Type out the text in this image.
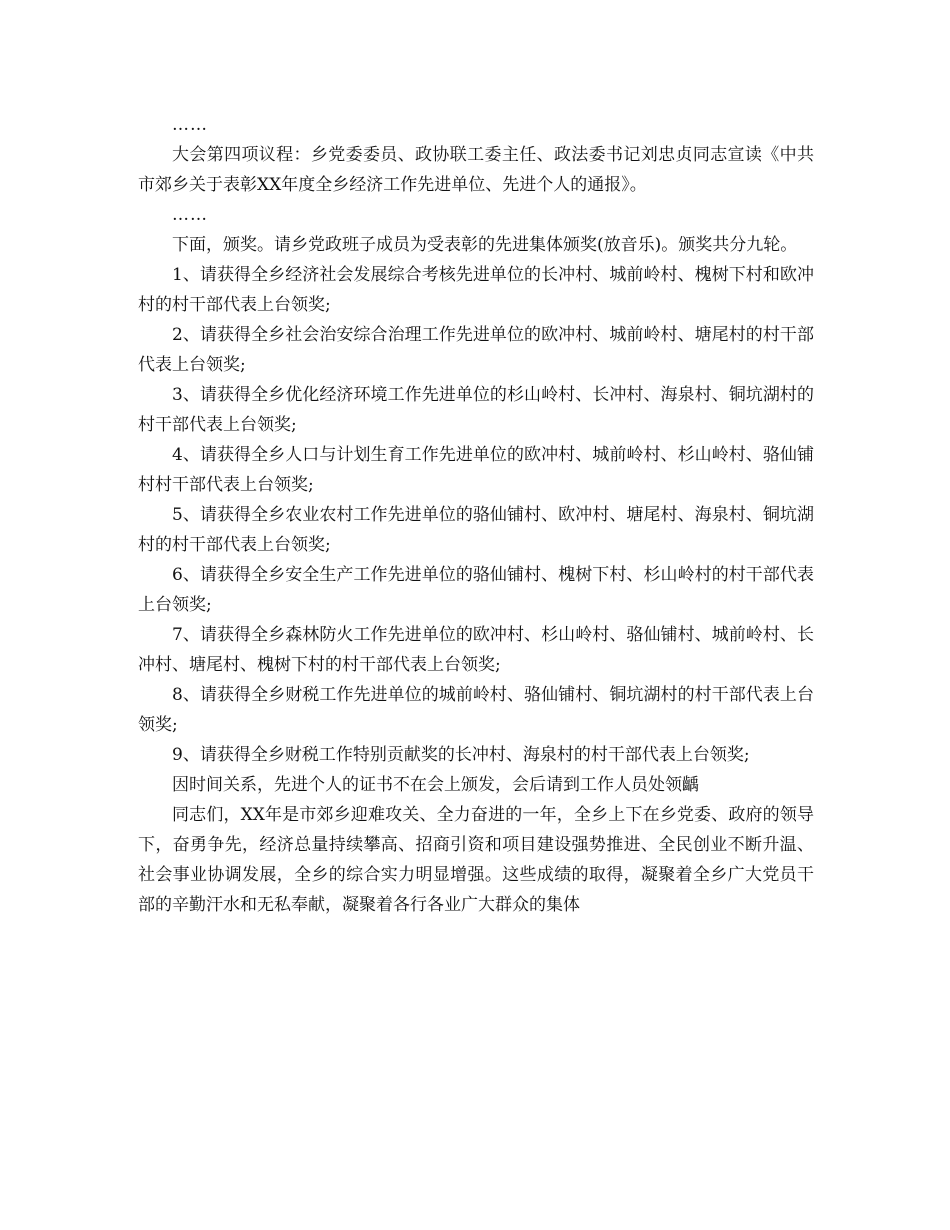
……

大会第四项议程：乡党委委员、政协联工委主任、政法委书记刘忠贞同志宣读《中共市郊乡关于表彰XX年度全乡经济工作先进单位、先进个人的通报》。

……

下面，颁奖。请乡党政班子成员为受表彰的先进集体颁奖(放音乐)。颁奖共分九轮。

1、请获得全乡经济社会发展综合考核先进单位的长冲村、城前岭村、槐树下村和欧冲村的村干部代表上台领奖;

2、请获得全乡社会治安综合治理工作先进单位的欧冲村、城前岭村、塘尾村的村干部代表上台领奖;

3、请获得全乡优化经济环境工作先进单位的杉山岭村、长冲村、海泉村、铜坑湖村的村干部代表上台领奖;

4、请获得全乡人口与计划生育工作先进单位的欧冲村、城前岭村、杉山岭村、骆仙铺村村干部代表上台领奖;

5、请获得全乡农业农村工作先进单位的骆仙铺村、欧冲村、塘尾村、海泉村、铜坑湖村的村干部代表上台领奖;

6、请获得全乡安全生产工作先进单位的骆仙铺村、槐树下村、杉山岭村的村干部代表上台领奖;

7、请获得全乡森林防火工作先进单位的欧冲村、杉山岭村、骆仙铺村、城前岭村、长冲村、塘尾村、槐树下村的村干部代表上台领奖;

8、请获得全乡财税工作先进单位的城前岭村、骆仙铺村、铜坑湖村的村干部代表上台领奖;

9、请获得全乡财税工作特别贡献奖的长冲村、海泉村的村干部代表上台领奖;

因时间关系，先进个人的证书不在会上颁发，会后请到工作人员处领齲

同志们，XX年是市郊乡迎难攻关、全力奋进的一年，全乡上下在乡党委、政府的领导下，奋勇争先，经济总量持续攀高、招商引资和项目建设强势推进、全民创业不断升温、社会事业协调发展，全乡的综合实力明显增强。这些成绩的取得，凝聚着全乡广大党员干部的辛勤汗水和无私奉献，凝聚着各行各业广大群众的集体
